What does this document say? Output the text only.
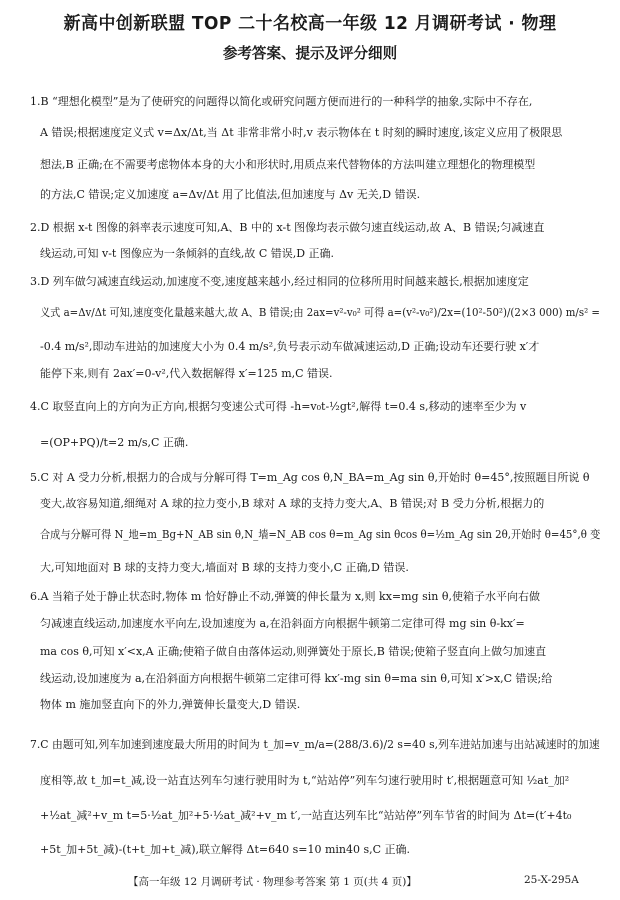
新高中创新联盟 TOP 二十名校高一年级 12 月调研考试 · 物理
参考答案、提示及评分细则
1.B “理想化模型”是为了使研究的问题得以简化或研究问题方便而进行的一种科学的抽象,实际中不存在,
A 错误;根据速度定义式 v=Δx/Δt,当 Δt 非常非常小时,v 表示物体在 t 时刻的瞬时速度,该定义应用了极限思
想法,B 正确;在不需要考虑物体本身的大小和形状时,用质点来代替物体的方法叫建立理想化的物理模型
的方法,C 错误;定义加速度 a=Δv/Δt 用了比值法,但加速度与 Δv 无关,D 错误.
2.D 根据 x-t 图像的斜率表示速度可知,A、B 中的 x-t 图像均表示做匀速直线运动,故 A、B 错误;匀减速直
线运动,可知 v-t 图像应为一条倾斜的直线,故 C 错误,D 正确.
3.D 列车做匀减速直线运动,加速度不变,速度越来越小,经过相同的位移所用时间越来越长,根据加速度定
义式 a=Δv/Δt 可知,速度变化量越来越大,故 A、B 错误;由 2ax=v²-v₀² 可得 a=(v²-v₀²)/2x=(10²-50²)/(2×3 000) m/s² =
-0.4 m/s²,即动车进站的加速度大小为 0.4 m/s²,负号表示动车做减速运动,D 正确;设动车还要行驶 x′才
能停下来,则有 2ax′=0-v²,代入数据解得 x′=125 m,C 错误.
4.C 取竖直向上的方向为正方向,根据匀变速公式可得 -h=v₀t-½gt²,解得 t=0.4 s,移动的速率至少为 v
=(OP+PQ)/t=2 m/s,C 正确.
5.C 对 A 受力分析,根据力的合成与分解可得 T=m_Ag cos θ,N_BA=m_Ag sin θ,开始时 θ=45°,按照题目所说 θ
变大,故容易知道,细绳对 A 球的拉力变小,B 球对 A 球的支持力变大,A、B 错误;对 B 受力分析,根据力的
合成与分解可得 N_地=m_Bg+N_AB sin θ,N_墙=N_AB cos θ=m_Ag sin θcos θ=½m_Ag sin 2θ,开始时 θ=45°,θ 变
大,可知地面对 B 球的支持力变大,墙面对 B 球的支持力变小,C 正确,D 错误.
6.A 当箱子处于静止状态时,物体 m 恰好静止不动,弹簧的伸长量为 x,则 kx=mg sin θ,使箱子水平向右做
匀减速直线运动,加速度水平向左,设加速度为 a,在沿斜面方向根据牛顿第二定律可得 mg sin θ-kx′=
ma cos θ,可知 x′<x,A 正确;使箱子做自由落体运动,则弹簧处于原长,B 错误;使箱子竖直向上做匀加速直
线运动,设加速度为 a,在沿斜面方向根据牛顿第二定律可得 kx′-mg sin θ=ma sin θ,可知 x′>x,C 错误;给
物体 m 施加竖直向下的外力,弹簧伸长量变大,D 错误.
7.C 由题可知,列车加速到速度最大所用的时间为 t_加=v_m/a=(288/3.6)/2 s=40 s,列车进站加速与出站减速时的加速
度相等,故 t_加=t_减,设一站直达列车匀速行驶用时为 t,“站站停”列车匀速行驶用时 t′,根据题意可知 ½at_加²
+½at_减²+v_m t=5·½at_加²+5·½at_减²+v_m t′,一站直达列车比“站站停”列车节省的时间为 Δt=(t′+4t₀
+5t_加+5t_减)-(t+t_加+t_减),联立解得 Δt=640 s=10 min40 s,C 正确.
【高一年级 12 月调研考试 · 物理参考答案 第 1 页(共 4 页)】	25-X-295A
